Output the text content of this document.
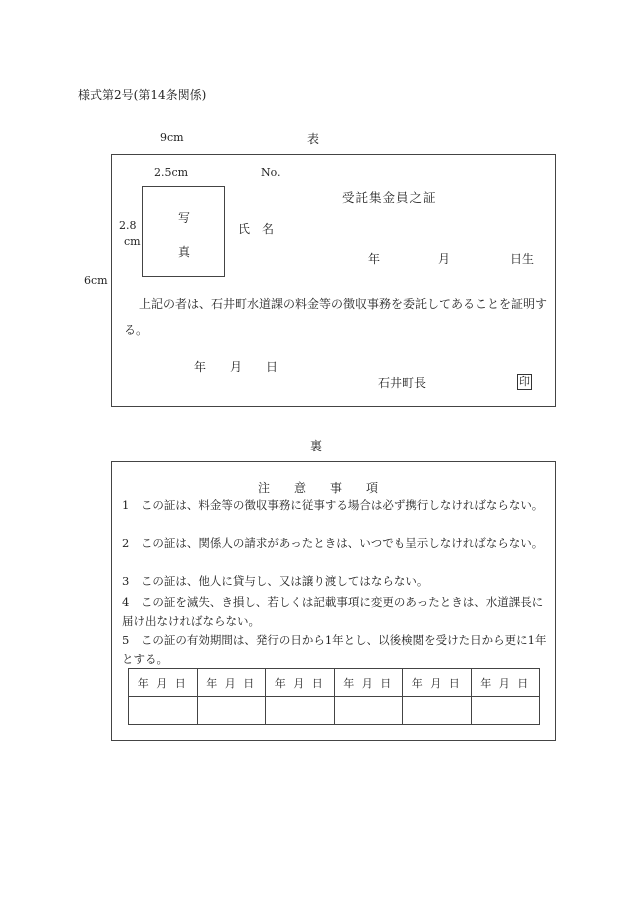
様式第2号(第14条関係)
9cm	表
6cm
2.5cm	No.
受託集金員之証
2.8
cm
写
真
氏　名
年	月	日生
上記の者は、石井町水道課の料金等の徴収事務を委託してあることを証明す
る。
年 月 日
石井町長	印
裏
注　　意　　事　　項
1　この証は、料金等の徴収事務に従事する場合は必ず携行しなければならない。
2　この証は、関係人の請求があったときは、いつでも呈示しなければならない。
3　この証は、他人に貸与し、又は譲り渡してはならない。
4　この証を滅失、き損し、若しくは記載事項に変更のあったときは、水道課長に届け出なければならない。
5　この証の有効期間は、発行の日から1年とし、以後検閲を受けた日から更に1年とする。
年 月 日	年 月 日	年 月 日	年 月 日	年 月 日	年 月 日
